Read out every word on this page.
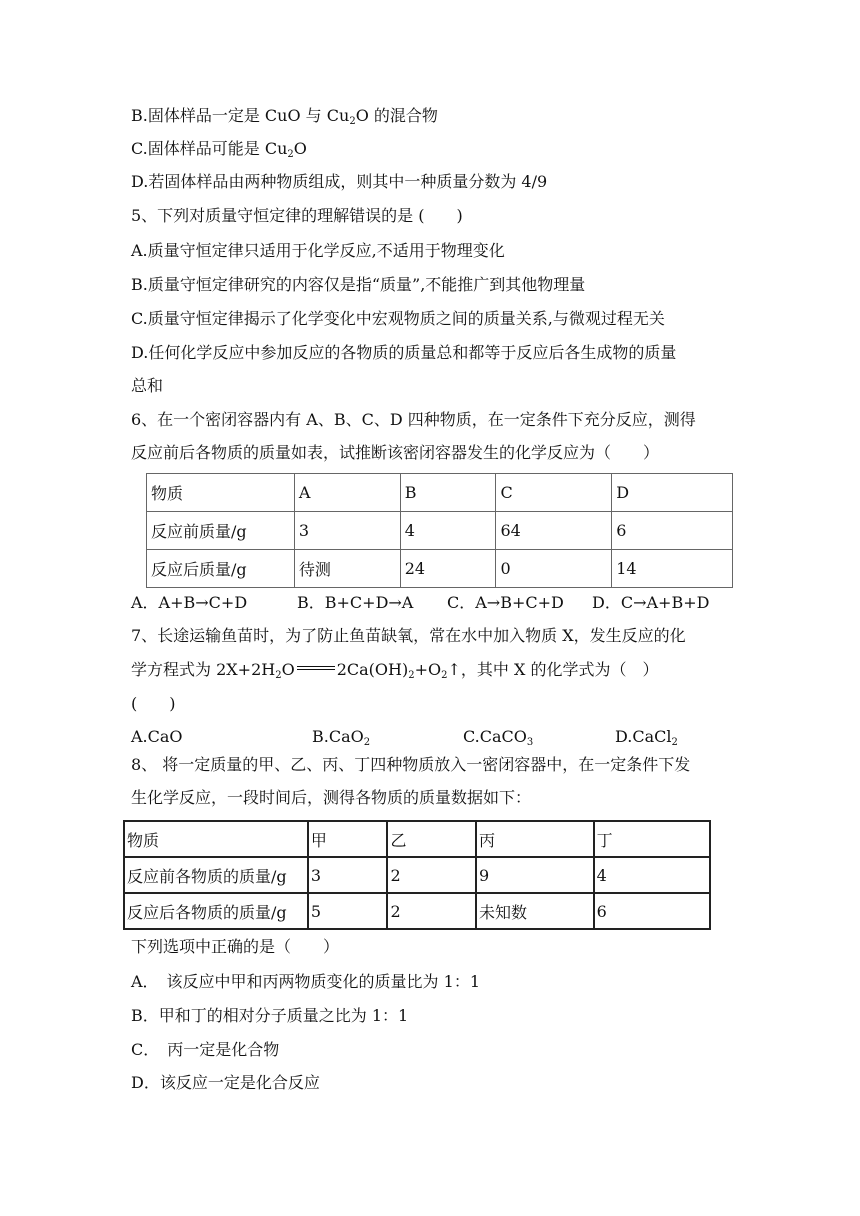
B.固体样品一定是 CuO 与 $Cu_2O$ 的混合物
C.固体样品可能是 $Cu_2O$
D.若固体样品由两种物质组成，则其中一种质量分数为 4/9
5、下列对质量守恒定律的理解错误的是 (　　)
A.质量守恒定律只适用于化学反应,不适用于物理变化
B.质量守恒定律研究的内容仅是指“质量”,不能推广到其他物理量
C.质量守恒定律揭示了化学变化中宏观物质之间的质量关系,与微观过程无关
D.任何化学反应中参加反应的各物质的质量总和都等于反应后各生成物的质量
总和
6、在一个密闭容器内有 A、B、C、D 四种物质，在一定条件下充分反应，测得
反应前后各物质的质量如表，试推断该密闭容器发生的化学反应为（　　）
物质	A	B	C	D
反应前质量/g	3	4	64	6
反应后质量/g	待测	24	0	14
A．A+B→C+D	B．B+C+D→A C．A→B+C+D D．C→A+B+D
7、长途运输鱼苗时，为了防止鱼苗缺氧，常在水中加入物质 X，发生反应的化
学方程式为 $2X+2H_2O$	$2Ca(OH)_2+O_2↑$，其中 X 的化学式为（　）
(　　)
A.CaO	B.CaO$_2$	C.CaCO$_3$	D.CaCl$_2$
8、 将一定质量的甲、乙、丙、丁四种物质放入一密闭容器中，在一定条件下发
生化学反应，一段时间后，测得各物质的质量数据如下：
物质	甲	乙	丙	丁
反应前各物质的质量/g	3	2	9	4
反应后各物质的质量/g	5	2	未知数	6
下列选项中正确的是（　　）
A．　该反应中甲和丙两物质变化的质量比为 1：1
B．甲和丁的相对分子质量之比为 1：1
C．　丙一定是化合物
D．该反应一定是化合反应
